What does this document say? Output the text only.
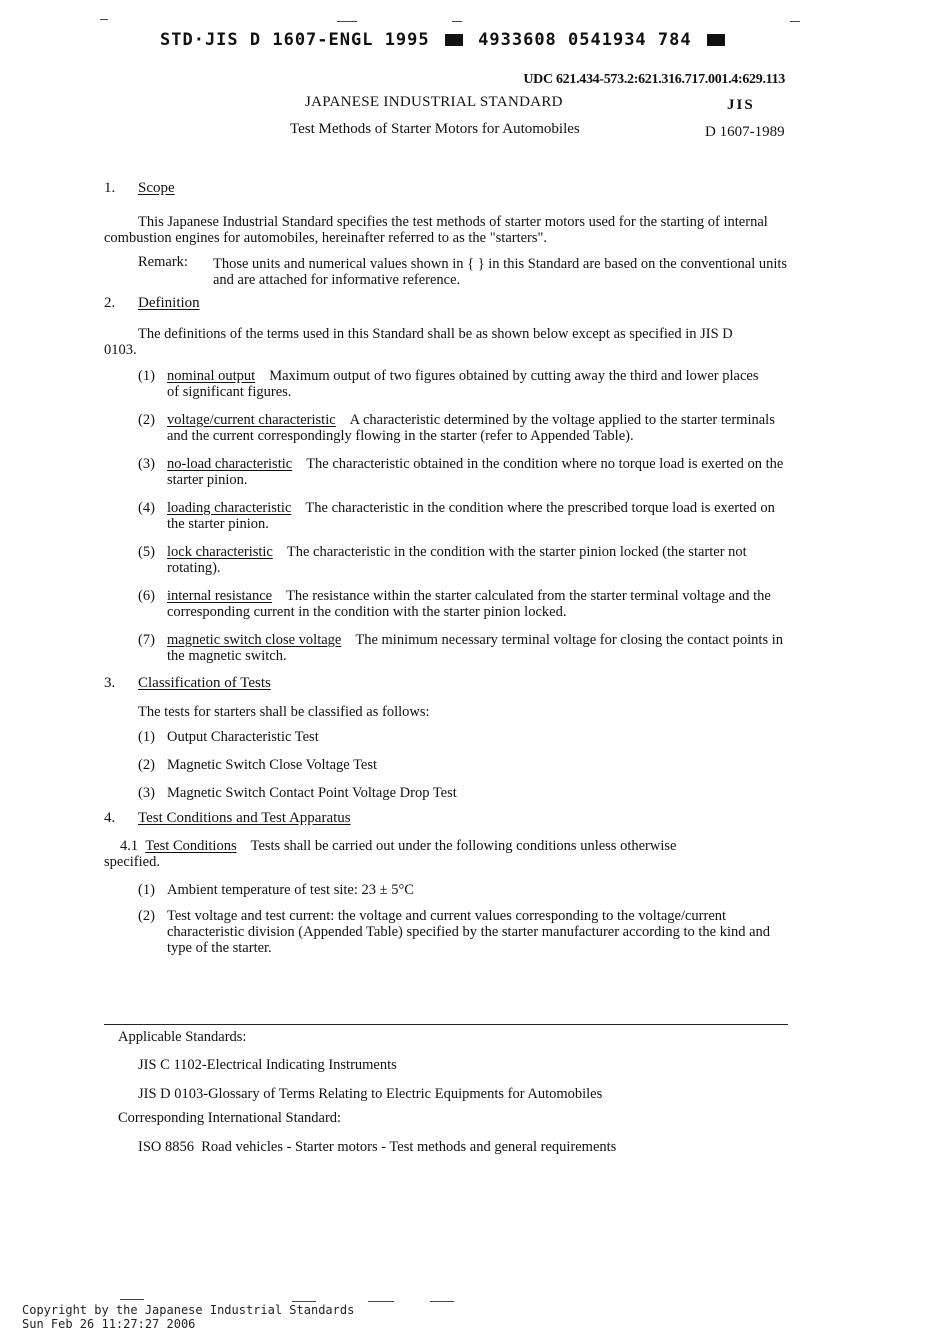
STD·JIS D 1607-ENGL 1995	4933608 0541934 784
UDC 621.434-573.2:621.316.717.001.4:629.113
JAPANESE INDUSTRIAL STANDARD	JIS
Test Methods of Starter Motors for Automobiles	D 1607-1989
1. Scope
This Japanese Industrial Standard specifies the test methods of starter motors used for the starting of internal combustion engines for automobiles, hereinafter referred to as the "starters".
Remark: Those units and numerical values shown in { } in this Standard are based on the conventional units and are attached for informative reference.
2. Definition
The definitions of the terms used in this Standard shall be as shown below except as specified in JIS D 0103.
(1) nominal output Maximum output of two figures obtained by cutting away the third and lower places of significant figures.
(2) voltage/current characteristic A characteristic determined by the voltage applied to the starter terminals and the current correspondingly flowing in the starter (refer to Appended Table).
(3) no-load characteristic The characteristic obtained in the condition where no torque load is exerted on the starter pinion.
(4) loading characteristic The characteristic in the condition where the prescribed torque load is exerted on the starter pinion.
(5) lock characteristic The characteristic in the condition with the starter pinion locked (the starter not rotating).
(6) internal resistance The resistance within the starter calculated from the starter terminal voltage and the corresponding current in the condition with the starter pinion locked.
(7) magnetic switch close voltage The minimum necessary terminal voltage for closing the contact points in the magnetic switch.
3. Classification of Tests
The tests for starters shall be classified as follows:
(1) Output Characteristic Test
(2) Magnetic Switch Close Voltage Test
(3) Magnetic Switch Contact Point Voltage Drop Test
4. Test Conditions and Test Apparatus
4.1 Test Conditions Tests shall be carried out under the following conditions unless otherwise specified.
(1) Ambient temperature of test site: 23 ± 5°C
(2) Test voltage and test current: the voltage and current values corresponding to the voltage/current characteristic division (Appended Table) specified by the starter manufacturer according to the kind and type of the starter.
Applicable Standards:
JIS C 1102-Electrical Indicating Instruments
JIS D 0103-Glossary of Terms Relating to Electric Equipments for Automobiles
Corresponding International Standard:
ISO 8856  Road vehicles - Starter motors - Test methods and general requirements
Copyright by the Japanese Industrial Standards
Sun Feb 26 11:27:27 2006
